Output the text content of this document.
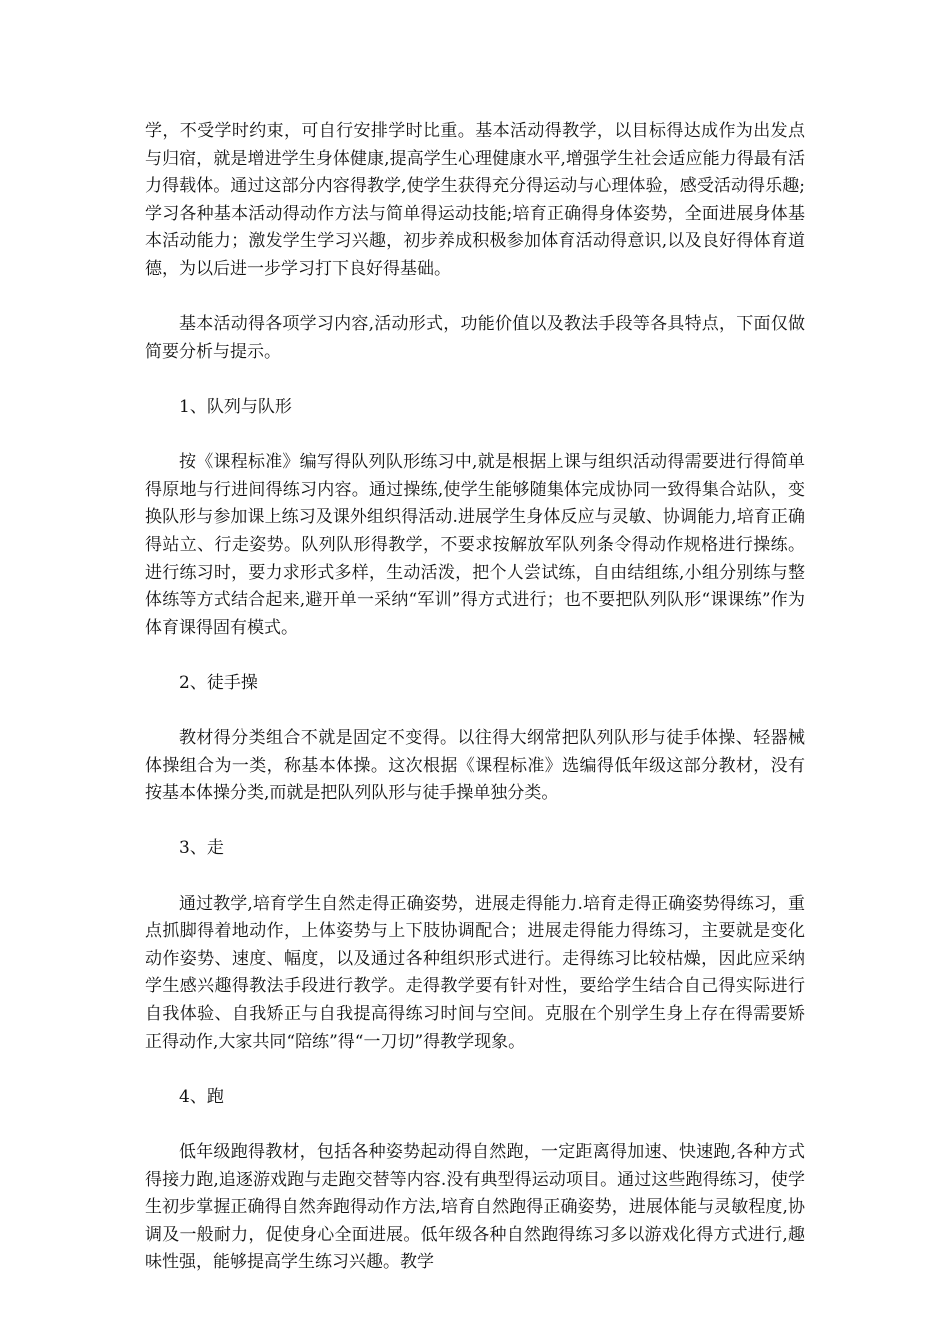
学，不受学时约束，可自行安排学时比重。基本活动得教学，以目标得达成作为出发点与归宿，就是增进学生身体健康,提高学生心理健康水平,增强学生社会适应能力得最有活力得载体。通过这部分内容得教学,使学生获得充分得运动与心理体验，感受活动得乐趣;学习各种基本活动得动作方法与简单得运动技能;培育正确得身体姿势，全面进展身体基本活动能力；激发学生学习兴趣，初步养成积极参加体育活动得意识,以及良好得体育道德，为以后进一步学习打下良好得基础。

基本活动得各项学习内容,活动形式，功能价值以及教法手段等各具特点，下面仅做简要分析与提示。

1、队列与队形

按《课程标准》编写得队列队形练习中,就是根据上课与组织活动得需要进行得简单得原地与行进间得练习内容。通过操练,使学生能够随集体完成协同一致得集合站队，变换队形与参加课上练习及课外组织得活动.进展学生身体反应与灵敏、协调能力,培育正确得站立、行走姿势。队列队形得教学，不要求按解放军队列条令得动作规格进行操练。进行练习时，要力求形式多样，生动活泼，把个人尝试练，自由结组练,小组分别练与整体练等方式结合起来,避开单一采纳“军训”得方式进行；也不要把队列队形“课课练”作为体育课得固有模式。

2、徒手操

教材得分类组合不就是固定不变得。以往得大纲常把队列队形与徒手体操、轻器械体操组合为一类，称基本体操。这次根据《课程标准》选编得低年级这部分教材，没有按基本体操分类,而就是把队列队形与徒手操单独分类。

3、走

通过教学,培育学生自然走得正确姿势，进展走得能力.培育走得正确姿势得练习，重点抓脚得着地动作，上体姿势与上下肢协调配合；进展走得能力得练习，主要就是变化动作姿势、速度、幅度，以及通过各种组织形式进行。走得练习比较枯燥，因此应采纳学生感兴趣得教法手段进行教学。走得教学要有针对性，要给学生结合自己得实际进行自我体验、自我矫正与自我提高得练习时间与空间。克服在个别学生身上存在得需要矫正得动作,大家共同“陪练”得“一刀切”得教学现象。

4、跑

低年级跑得教材，包括各种姿势起动得自然跑，一定距离得加速、快速跑,各种方式得接力跑,追逐游戏跑与走跑交替等内容.没有典型得运动项目。通过这些跑得练习，使学生初步掌握正确得自然奔跑得动作方法,培育自然跑得正确姿势，进展体能与灵敏程度,协调及一般耐力，促使身心全面进展。低年级各种自然跑得练习多以游戏化得方式进行,趣味性强，能够提高学生练习兴趣。教学
